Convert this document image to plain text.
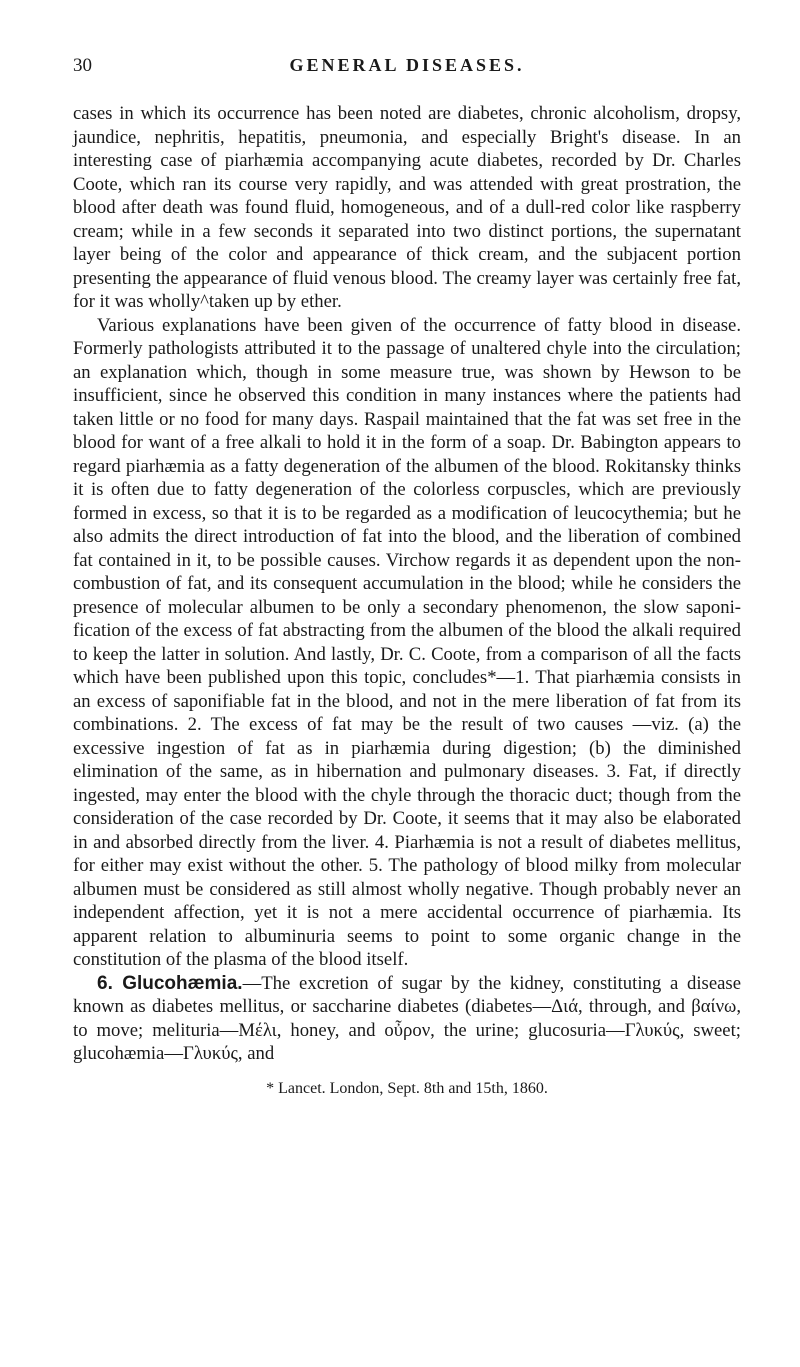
30	GENERAL DISEASES.

cases in which its occurrence has been noted are diabetes, chronic alcoholism, dropsy, jaundice, nephritis, hepatitis, pneumonia, and especially Bright's disease. In an interesting case of piarhæmia accompanying acute diabetes, recorded by Dr. Charles Coote, which ran its course very rapidly, and was attended with great prostration, the blood after death was found fluid, homogeneous, and of a dull-red color like raspberry cream; while in a few seconds it separated into two distinct portions, the supernatant layer being of the color and appearance of thick cream, and the subjacent portion presenting the appearance of fluid venous blood. The creamy layer was certainly free fat, for it was wholly^taken up by ether.

Various explanations have been given of the occurrence of fatty blood in disease. Formerly pathologists attributed it to the passage of unaltered chyle into the circulation; an explanation which, though in some measure true, was shown by Hewson to be insufficient, since he observed this condition in many instances where the patients had taken little or no food for many days. Raspail maintained that the fat was set free in the blood for want of a free alkali to hold it in the form of a soap. Dr. Babington appears to regard piarhæmia as a fatty degeneration of the albumen of the blood. Rokitansky thinks it is often due to fatty degeneration of the colorless corpuscles, which are previously formed in excess, so that it is to be regarded as a modification of leucocythemia; but he also admits the direct introduction of fat into the blood, and the liberation of combined fat contained in it, to be possible causes. Virchow regards it as dependent upon the non-combustion of fat, and its consequent accumulation in the blood; while he considers the presence of molecular albumen to be only a secondary phenomenon, the slow saponification of the excess of fat abstracting from the albumen of the blood the alkali required to keep the latter in solution. And lastly, Dr. C. Coote, from a comparison of all the facts which have been published upon this topic, concludes*—1. That piarhæmia consists in an excess of saponifiable fat in the blood, and not in the mere liberation of fat from its combinations. 2. The excess of fat may be the result of two causes —viz. (a) the excessive ingestion of fat as in piarhæmia during digestion; (b) the diminished elimination of the same, as in hibernation and pulmonary diseases. 3. Fat, if directly ingested, may enter the blood with the chyle through the thoracic duct; though from the consideration of the case recorded by Dr. Coote, it seems that it may also be elaborated in and absorbed directly from the liver. 4. Piarhæmia is not a result of diabetes mellitus, for either may exist without the other. 5. The pathology of blood milky from molecular albumen must be considered as still almost wholly negative. Though probably never an independent affection, yet it is not a mere accidental occurrence of piarhæmia. Its apparent relation to albuminuria seems to point to some organic change in the constitution of the plasma of the blood itself.

6. Glucohæmia.—The excretion of sugar by the kidney, constituting a disease known as diabetes mellitus, or saccharine diabetes (diabetes—Διά, through, and βαίνω, to move; melituria—Μέλι, honey, and οὖρον, the urine; glucosuria—Γλυκύς, sweet; glucohæmia—Γλυκύς, and

* Lancet. London, Sept. 8th and 15th, 1860.
